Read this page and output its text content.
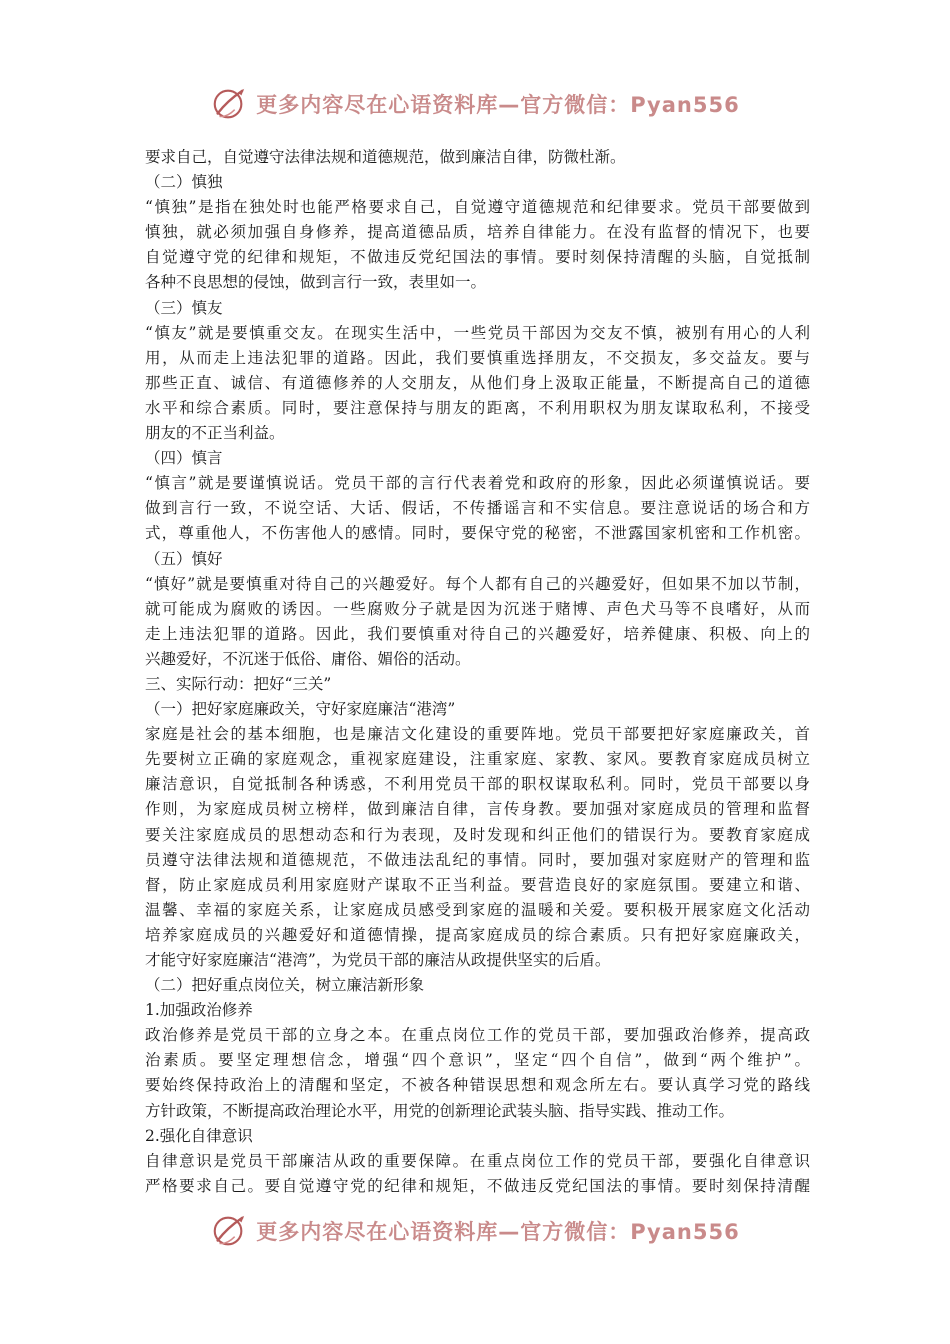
更多内容尽在心语资料库—官方微信：Pyan556
要求自己，自觉遵守法律法规和道德规范，做到廉洁自律，防微杜渐。
（二）慎独
“慎独”是指在独处时也能严格要求自己，自觉遵守道德规范和纪律要求。党员干部要做到
慎独，就必须加强自身修养，提高道德品质，培养自律能力。在没有监督的情况下，也要
自觉遵守党的纪律和规矩，不做违反党纪国法的事情。要时刻保持清醒的头脑，自觉抵制
各种不良思想的侵蚀，做到言行一致，表里如一。
（三）慎友
“慎友”就是要慎重交友。在现实生活中，一些党员干部因为交友不慎，被别有用心的人利
用，从而走上违法犯罪的道路。因此，我们要慎重选择朋友，不交损友，多交益友。要与
那些正直、诚信、有道德修养的人交朋友，从他们身上汲取正能量，不断提高自己的道德
水平和综合素质。同时，要注意保持与朋友的距离，不利用职权为朋友谋取私利，不接受
朋友的不正当利益。
（四）慎言
“慎言”就是要谨慎说话。党员干部的言行代表着党和政府的形象，因此必须谨慎说话。要
做到言行一致，不说空话、大话、假话，不传播谣言和不实信息。要注意说话的场合和方
式，尊重他人，不伤害他人的感情。同时，要保守党的秘密，不泄露国家机密和工作机密。
（五）慎好
“慎好”就是要慎重对待自己的兴趣爱好。每个人都有自己的兴趣爱好，但如果不加以节制，
就可能成为腐败的诱因。一些腐败分子就是因为沉迷于赌博、声色犬马等不良嗜好，从而
走上违法犯罪的道路。因此，我们要慎重对待自己的兴趣爱好，培养健康、积极、向上的
兴趣爱好，不沉迷于低俗、庸俗、媚俗的活动。
三、实际行动：把好“三关”
（一）把好家庭廉政关，守好家庭廉洁“港湾”
家庭是社会的基本细胞，也是廉洁文化建设的重要阵地。党员干部要把好家庭廉政关，首
先要树立正确的家庭观念，重视家庭建设，注重家庭、家教、家风。要教育家庭成员树立
廉洁意识，自觉抵制各种诱惑，不利用党员干部的职权谋取私利。同时，党员干部要以身
作则，为家庭成员树立榜样，做到廉洁自律，言传身教。要加强对家庭成员的管理和监督
要关注家庭成员的思想动态和行为表现，及时发现和纠正他们的错误行为。要教育家庭成
员遵守法律法规和道德规范，不做违法乱纪的事情。同时，要加强对家庭财产的管理和监
督，防止家庭成员利用家庭财产谋取不正当利益。要营造良好的家庭氛围。要建立和谐、
温馨、幸福的家庭关系，让家庭成员感受到家庭的温暖和关爱。要积极开展家庭文化活动
培养家庭成员的兴趣爱好和道德情操，提高家庭成员的综合素质。只有把好家庭廉政关，
才能守好家庭廉洁“港湾”，为党员干部的廉洁从政提供坚实的后盾。
（二）把好重点岗位关，树立廉洁新形象
1.加强政治修养
政治修养是党员干部的立身之本。在重点岗位工作的党员干部，要加强政治修养，提高政
治素质。要坚定理想信念，增强“四个意识”，坚定“四个自信”，做到“两个维护”。
要始终保持政治上的清醒和坚定，不被各种错误思想和观念所左右。要认真学习党的路线
方针政策，不断提高政治理论水平，用党的创新理论武装头脑、指导实践、推动工作。
2.强化自律意识
自律意识是党员干部廉洁从政的重要保障。在重点岗位工作的党员干部，要强化自律意识
严格要求自己。要自觉遵守党的纪律和规矩，不做违反党纪国法的事情。要时刻保持清醒
更多内容尽在心语资料库—官方微信：Pyan556
